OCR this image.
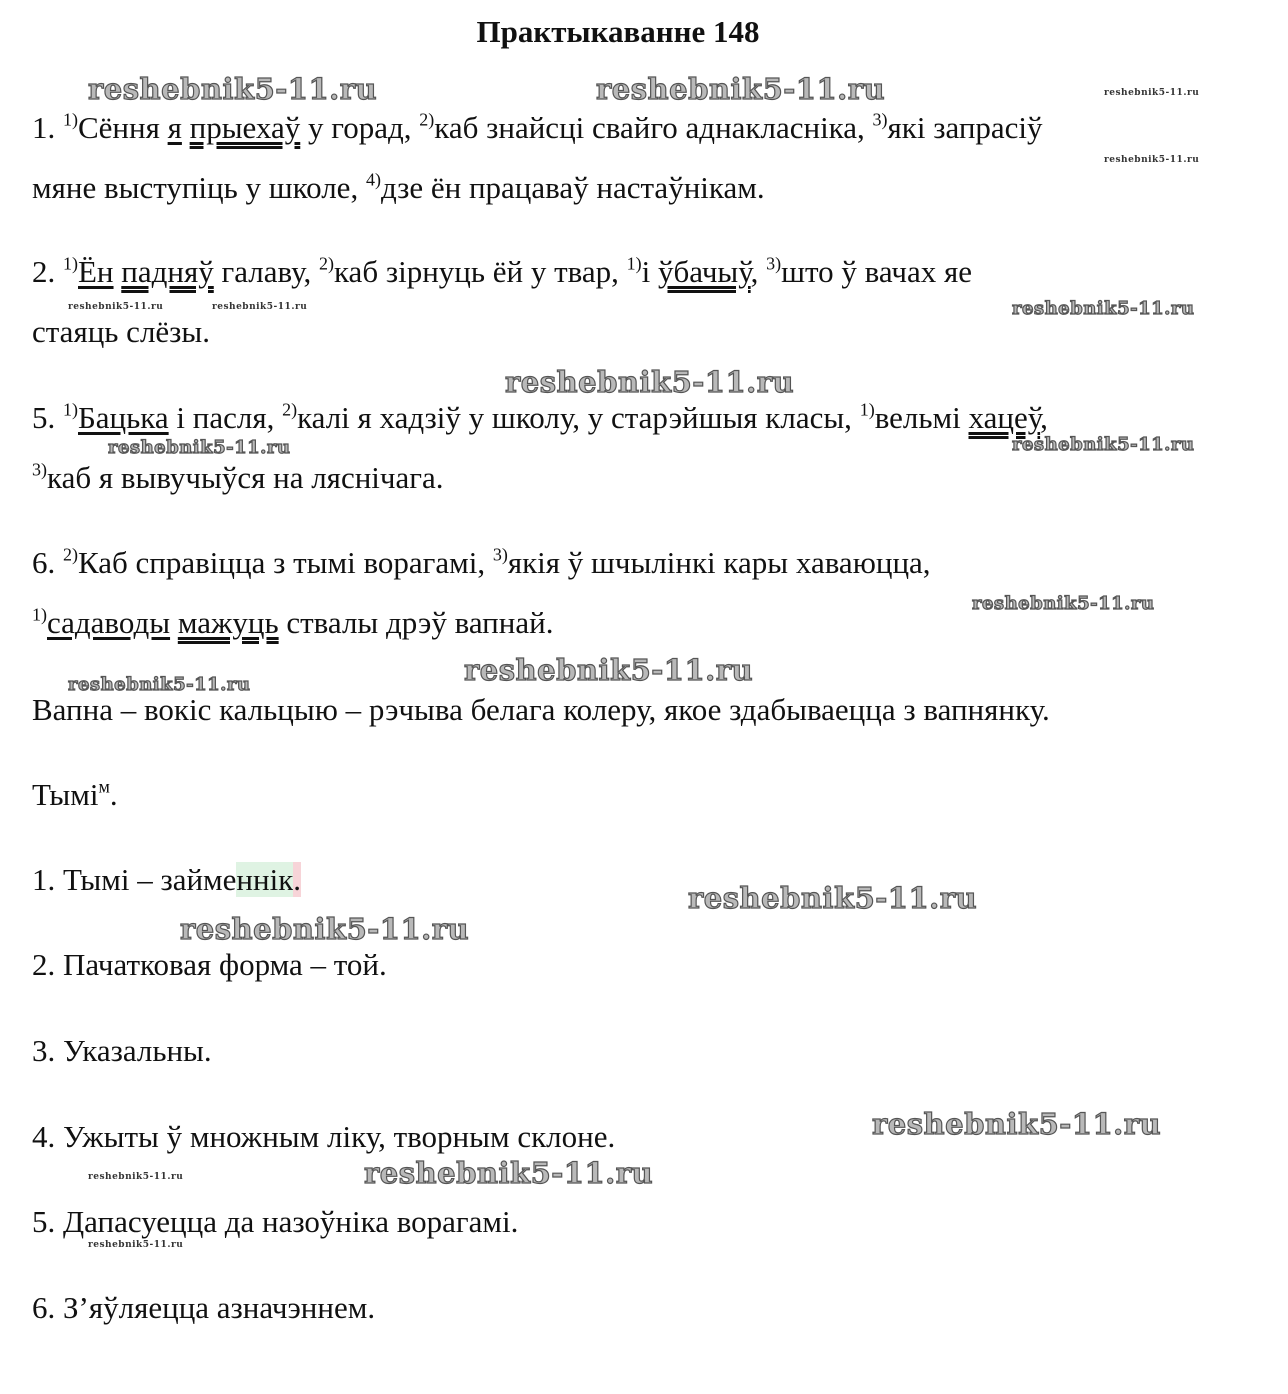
Практыкаванне 148
1. $^{1)}$Сёння я прыехаў у горад, $^{2)}$каб знайсці свайго аднакласніка, $^{3)}$які запрасіў
мяне выступіць у школе, $^{4)}$дзе ён працаваў настаўнікам.
2. $^{1)}$Ён падняў галаву, $^{2)}$каб зірнуць ёй у твар, $^{1)}$і ўбачыў, $^{3)}$што ў вачах яе
стаяць слёзы.
5. $^{1)}$Бацька і пасля, $^{2)}$калі я хадзіў у школу, у старэйшыя класы, $^{1)}$вельмі хацеў,
$^{3)}$каб я вывучыўся на ляснічага.
6. $^{2)}$Каб справіцца з тымі ворагамі, $^{3)}$якія ў шчылінкі кары хаваюцца,
$^{1)}$садаводы мажуць ствалы дрэў вапнай.
Вапна – вокіс кальцыю – рэчыва белага колеру, якое здабываецца з вапнянку.
Тымі$^м$.
1. Тымі – займеннік.
2. Пачатковая форма – той.
3. Указальны.
4. Ужыты ў множным ліку, творным склоне.
5. Дапасуецца да назоўніка ворагамі.
6. З’яўляецца азначэннем.
reshebnik5-11.ru	reshebnik5-11.ru	reshebnik5-11.ru
reshebnik5-11.ru
reshebnik5-11.ru	reshebnik5-11.ru	reshebnik5-11.ru
reshebnik5-11.ru
reshebnik5-11.ru	reshebnik5-11.ru
reshebnik5-11.ru
reshebnik5-11.ru
reshebnik5-11.ru
reshebnik5-11.ru
reshebnik5-11.ru
reshebnik5-11.ru
reshebnik5-11.ru	reshebnik5-11.ru
reshebnik5-11.ru
